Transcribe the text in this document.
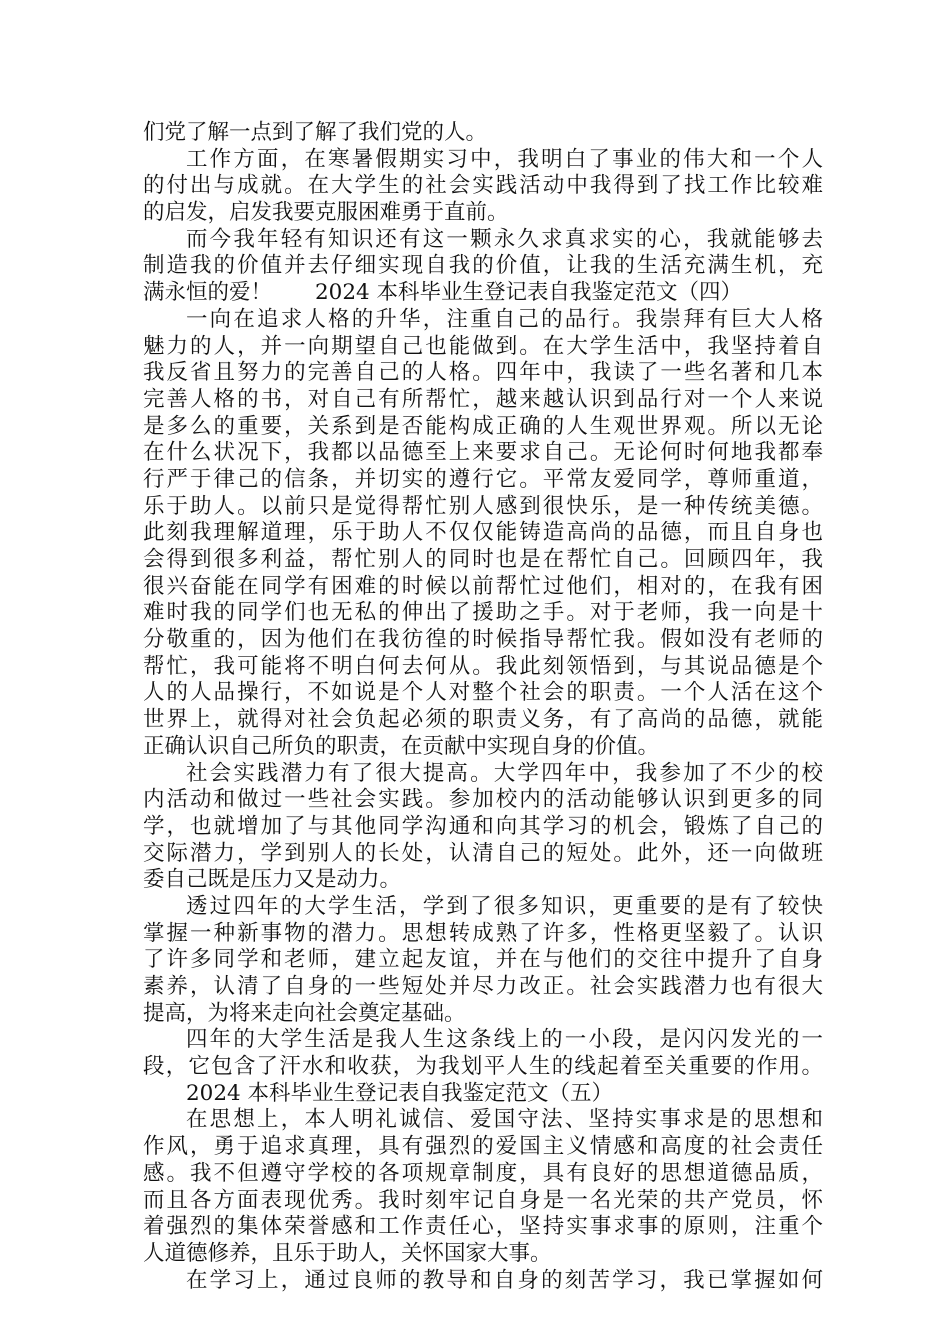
们党了解一点到了解了我们党的人。
工作方面，在寒暑假期实习中，我明白了事业的伟大和一个人
的付出与成就。在大学生的社会实践活动中我得到了找工作比较难
的启发，启发我要克服困难勇于直前。
而今我年轻有知识还有这一颗永久求真求实的心，我就能够去
制造我的价值并去仔细实现自我的价值，让我的生活充满生机，充
满永恒的爱！　　2024 本科毕业生登记表自我鉴定范文（四）
一向在追求人格的升华，注重自己的品行。我崇拜有巨大人格
魅力的人，并一向期望自己也能做到。在大学生活中，我坚持着自
我反省且努力的完善自己的人格。四年中，我读了一些名著和几本
完善人格的书，对自己有所帮忙，越来越认识到品行对一个人来说
是多么的重要，关系到是否能构成正确的人生观世界观。所以无论
在什么状况下，我都以品德至上来要求自己。无论何时何地我都奉
行严于律己的信条，并切实的遵行它。平常友爱同学，尊师重道，
乐于助人。以前只是觉得帮忙别人感到很快乐，是一种传统美德。
此刻我理解道理，乐于助人不仅仅能铸造高尚的品德，而且自身也
会得到很多利益，帮忙别人的同时也是在帮忙自己。回顾四年，我
很兴奋能在同学有困难的时候以前帮忙过他们，相对的，在我有困
难时我的同学们也无私的伸出了援助之手。对于老师，我一向是十
分敬重的，因为他们在我彷徨的时候指导帮忙我。假如没有老师的
帮忙，我可能将不明白何去何从。我此刻领悟到，与其说品德是个
人的人品操行，不如说是个人对整个社会的职责。一个人活在这个
世界上，就得对社会负起必须的职责义务，有了高尚的品德，就能
正确认识自己所负的职责，在贡献中实现自身的价值。
社会实践潜力有了很大提高。大学四年中，我参加了不少的校
内活动和做过一些社会实践。参加校内的活动能够认识到更多的同
学，也就增加了与其他同学沟通和向其学习的机会，锻炼了自己的
交际潜力，学到别人的长处，认清自己的短处。此外，还一向做班
委自己既是压力又是动力。
透过四年的大学生活，学到了很多知识，更重要的是有了较快
掌握一种新事物的潜力。思想转成熟了许多，性格更坚毅了。认识
了许多同学和老师，建立起友谊，并在与他们的交往中提升了自身
素养，认清了自身的一些短处并尽力改正。社会实践潜力也有很大
提高，为将来走向社会奠定基础。
四年的大学生活是我人生这条线上的一小段，是闪闪发光的一
段，它包含了汗水和收获，为我划平人生的线起着至关重要的作用。
2024 本科毕业生登记表自我鉴定范文（五）
在思想上，本人明礼诚信、爱国守法、坚持实事求是的思想和
作风，勇于追求真理，具有强烈的爱国主义情感和高度的社会责任
感。我不但遵守学校的各项规章制度，具有良好的思想道德品质，
而且各方面表现优秀。我时刻牢记自身是一名光荣的共产党员，怀
着强烈的集体荣誉感和工作责任心，坚持实事求事的原则，注重个
人道德修养，且乐于助人，关怀国家大事。
在学习上，通过良师的教导和自身的刻苦学习，我已掌握如何
